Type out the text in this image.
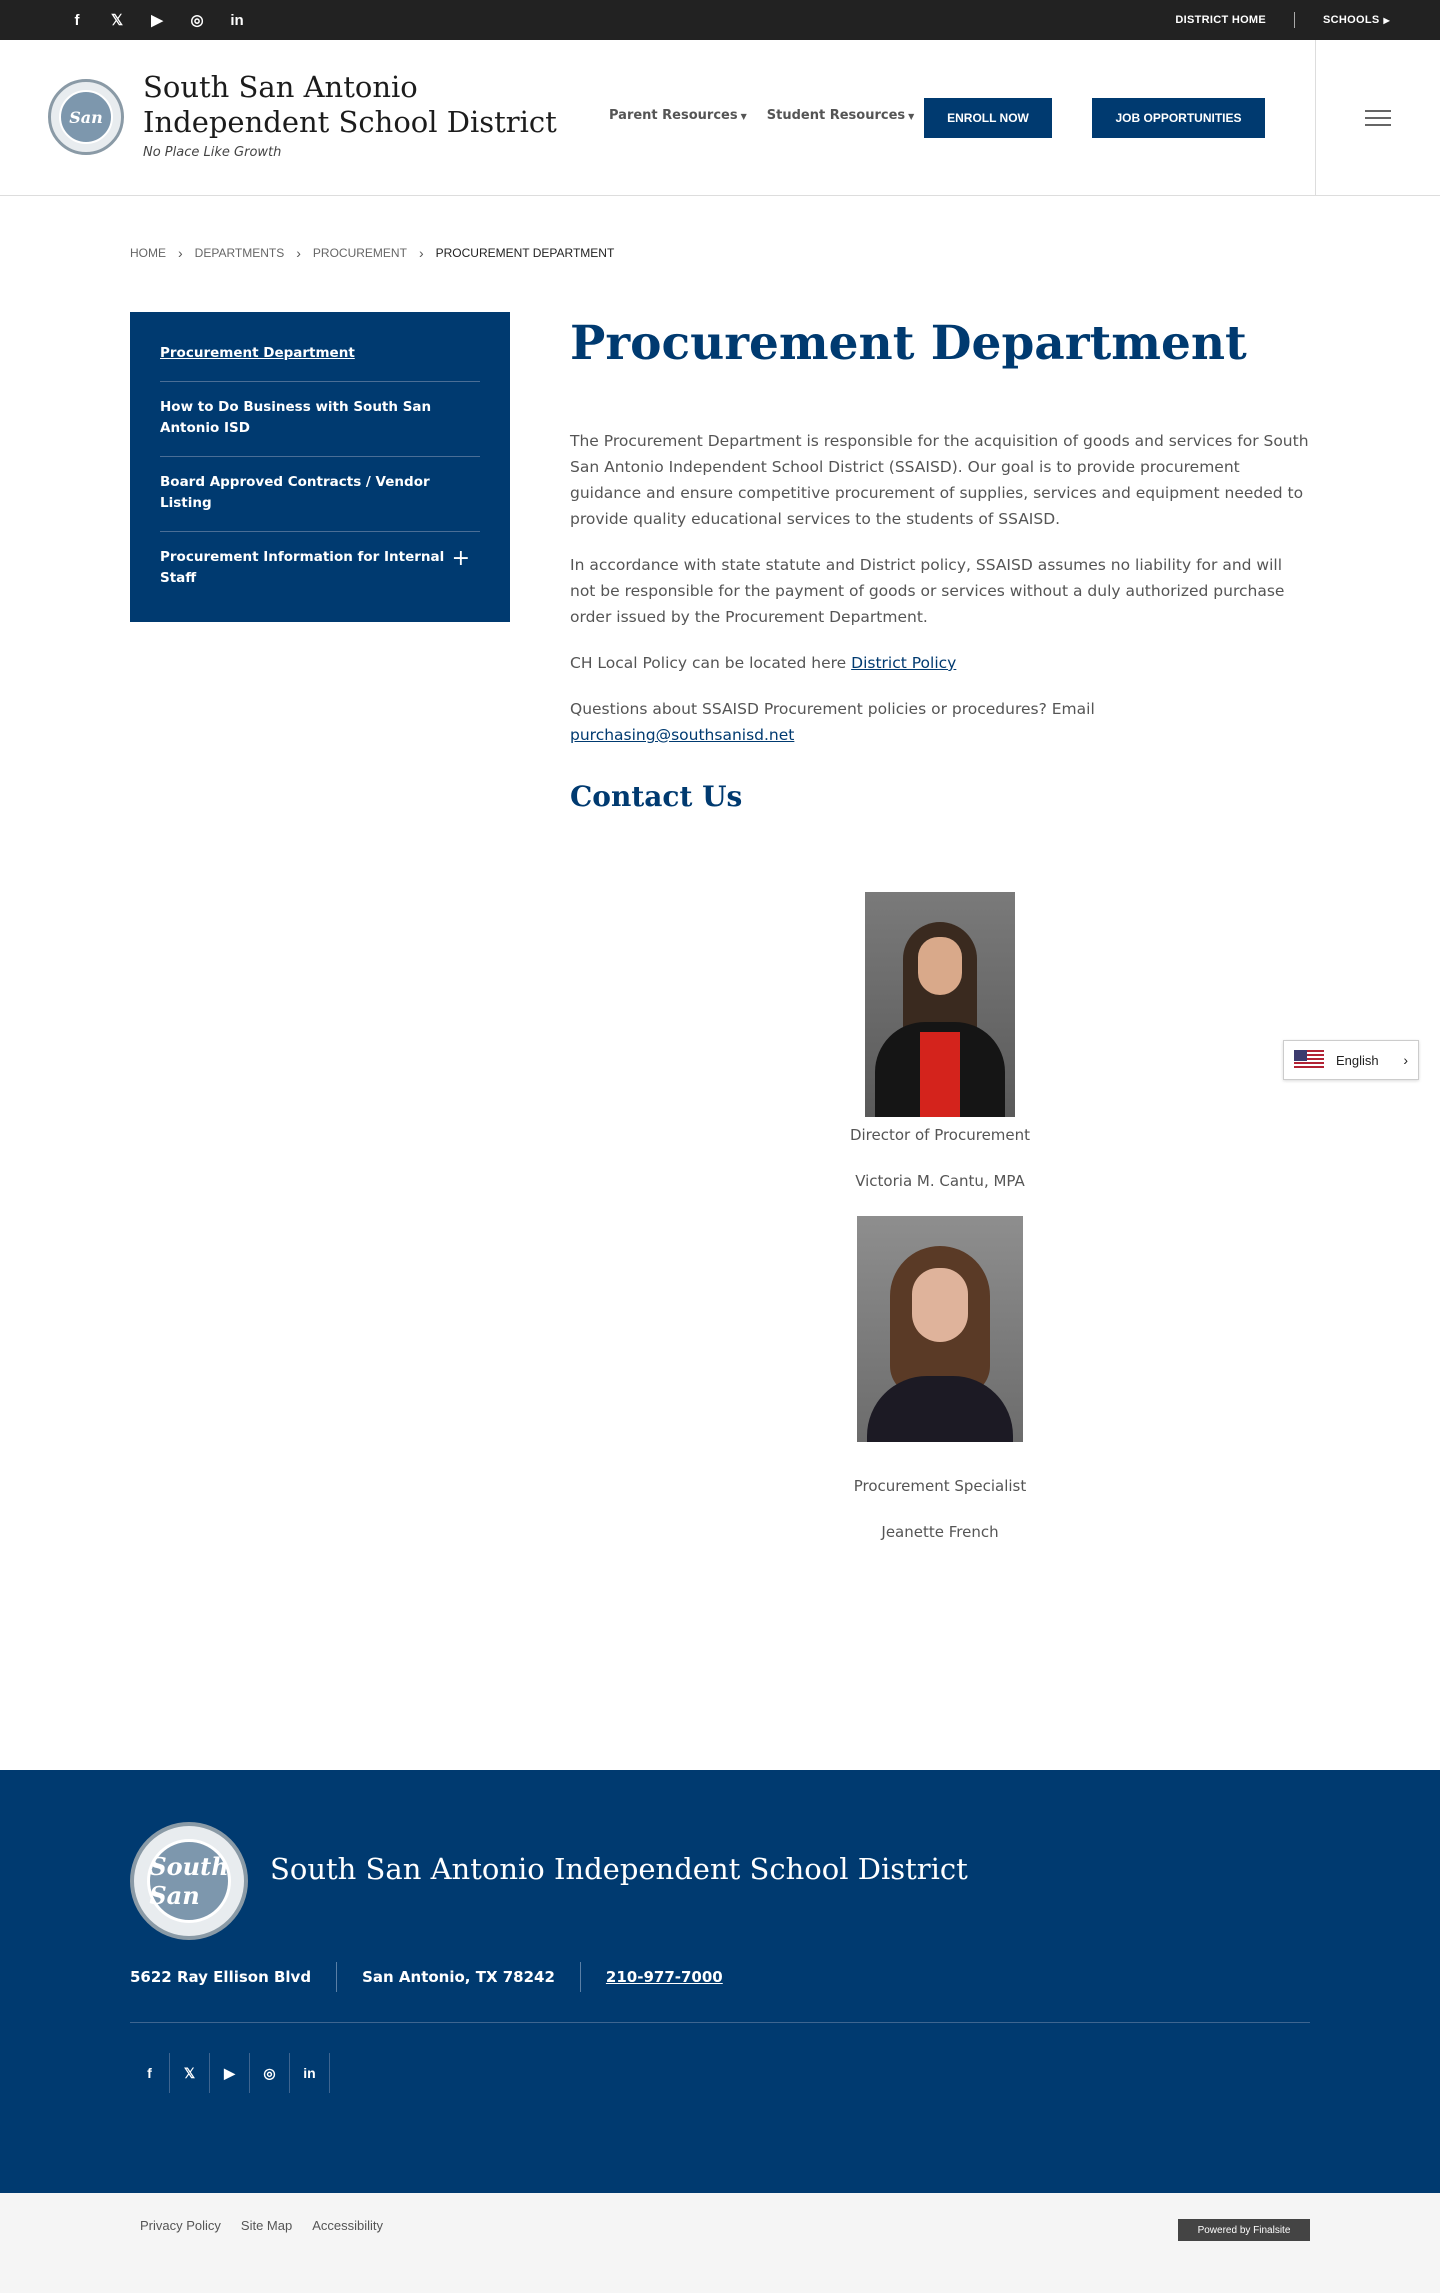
f	𝕏	▶	◎	in	DISTRICT HOME	SCHOOLS ▶
San
South San Antonio
Independent School District
No Place Like Growth
Parent Resources ▼ Student Resources ▼	ENROLL NOW	JOB OPPORTUNITIES
HOME › DEPARTMENTS › PROCUREMENT › PROCUREMENT DEPARTMENT
Procurement Department
How to Do Business with South San Antonio ISD
Board Approved Contracts / Vendor Listing
Procurement Information for Internal Staff
+
Procurement Department

The Procurement Department is responsible for the acquisition of goods and services for South San Antonio Independent School District (SSAISD). Our goal is to provide procurement guidance and ensure competitive procurement of supplies, services and equipment needed to provide quality educational services to the students of SSAISD.

In accordance with state statute and District policy, SSAISD assumes no liability for and will not be responsible for the payment of goods or services without a duly authorized purchase order issued by the Procurement Department.

CH Local Policy can be located here District Policy

Questions about SSAISD Procurement policies or procedures? Email purchasing@southsanisd.net

Contact Us
Director of Procurement
Victoria M. Cantu, MPA
Procurement Specialist
Jeanette French
English ›
South San
South San Antonio Independent School District
5622 Ray Ellison Blvd	San Antonio, TX 78242	210-977-7000
f	𝕏	▶	◎	in
Privacy Policy Site Map Accessibility	Powered by Finalsite
